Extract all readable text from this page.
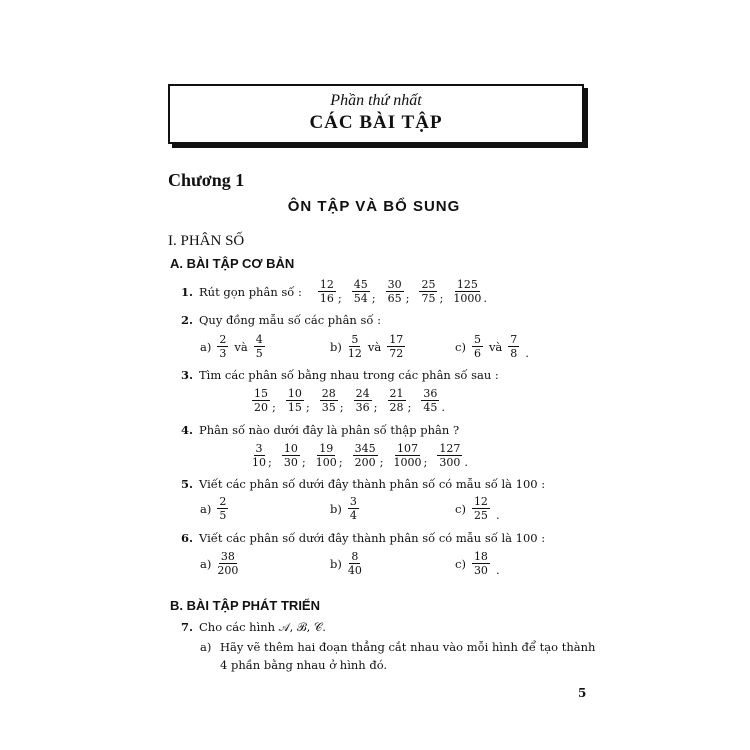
Phần thứ nhất
CÁC BÀI TẬP
Chương 1
ÔN TẬP VÀ BỔ SUNG
I. PHÂN SỐ
A. BÀI TẬP CƠ BẢN
1. Rút gọn phân số : $\frac{12}{16}$ ; $\frac{45}{54}$ ; $\frac{30}{65}$ ; $\frac{25}{75}$ ; $\frac{125}{1000}$ .
2. Quy đồng mẫu số các phân số :
$a) \frac{2}{3}$ và $\frac{4}{5}$	$b) \frac{5}{12}$ và $\frac{17}{72}$	$c) \frac{5}{6}$ và $\frac{7}{8}$ .
3. Tìm các phân số bằng nhau trong các phân số sau :
$\frac{15}{20}$ ; $\frac{10}{15}$ ; $\frac{28}{35}$ ; $\frac{24}{36}$ ; $\frac{21}{28}$ ; $\frac{36}{45}$ .
4. Phân số nào dưới đây là phân số thập phân ?
$\frac{3}{10}$ ; $\frac{10}{30}$ ; $\frac{19}{100}$ ; $\frac{345}{200}$ ; $\frac{107}{1000}$ ; $\frac{127}{300}$ .
5. Viết các phân số dưới đây thành phân số có mẫu số là 100 :
$a) \frac{2}{5}$	$b) \frac{3}{4}$	$c) \frac{12}{25}$ .
6. Viết các phân số dưới đây thành phân số có mẫu số là 100 :
$a) \frac{38}{200}$	$b) \frac{8}{40}$	$c) \frac{18}{30}$ .
B. BÀI TẬP PHÁT TRIỂN
7. Cho các hình 𝒜, ℬ, 𝒞.
a) Hãy vẽ thêm hai đoạn thẳng cắt nhau vào mỗi hình để tạo thành
4 phần bằng nhau ở hình đó.
5
